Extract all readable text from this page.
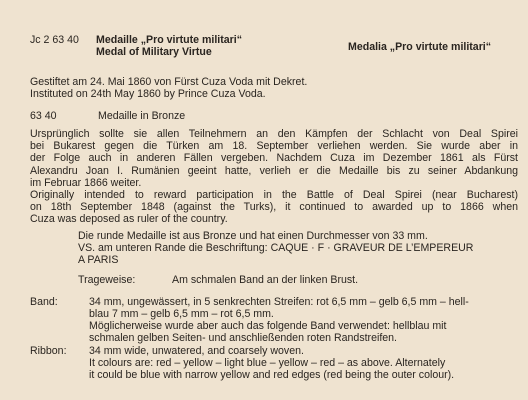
Jc 2 63 40 Medaille „Pro virtute militari“
Medal of Military Virtue	Medalia „Pro virtute militari“
Gestiftet am 24. Mai 1860 von Fürst Cuza Voda mit Dekret.
Instituted on 24th May 1860 by Prince Cuza Voda.
63 40	Medaille in Bronze
Ursprünglich sollte sie allen Teilnehmern an den Kämpfen der Schlacht von Deal Spirei
bei Bukarest gegen die Türken am 18. September verliehen werden. Sie wurde aber in
der Folge auch in anderen Fällen vergeben. Nachdem Cuza im Dezember 1861 als Fürst
Alexandru Joan I. Rumänien geeint hatte, verlieh er die Medaille bis zu seiner Abdankung
im Februar 1866 weiter.
Originally intended to reward participation in the Battle of Deal Spirei (near Bucharest)
on 18th September 1848 (against the Turks), it continued to awarded up to 1866 when
Cuza was deposed as ruler of the country.
Die runde Medaille ist aus Bronze und hat einen Durchmesser von 33 mm.
VS. am unteren Rande die Beschriftung: CAQUE · F · GRAVEUR DE L’EMPEREUR
A PARIS
Trageweise:	Am schmalen Band an der linken Brust.
Band:	34 mm, ungewässert, in 5 senkrechten Streifen: rot 6,5 mm – gelb 6,5 mm – hell-
blau 7 mm – gelb 6,5 mm – rot 6,5 mm.
Möglicherweise wurde aber auch das folgende Band verwendet: hellblau mit
schmalen gelben Seiten- und anschließenden roten Randstreifen.
Ribbon: 34 mm wide, unwatered, and coarsely woven.
It colours are: red – yellow – light blue – yellow – red – as above. Alternately
it could be blue with narrow yellow and red edges (red being the outer colour).
